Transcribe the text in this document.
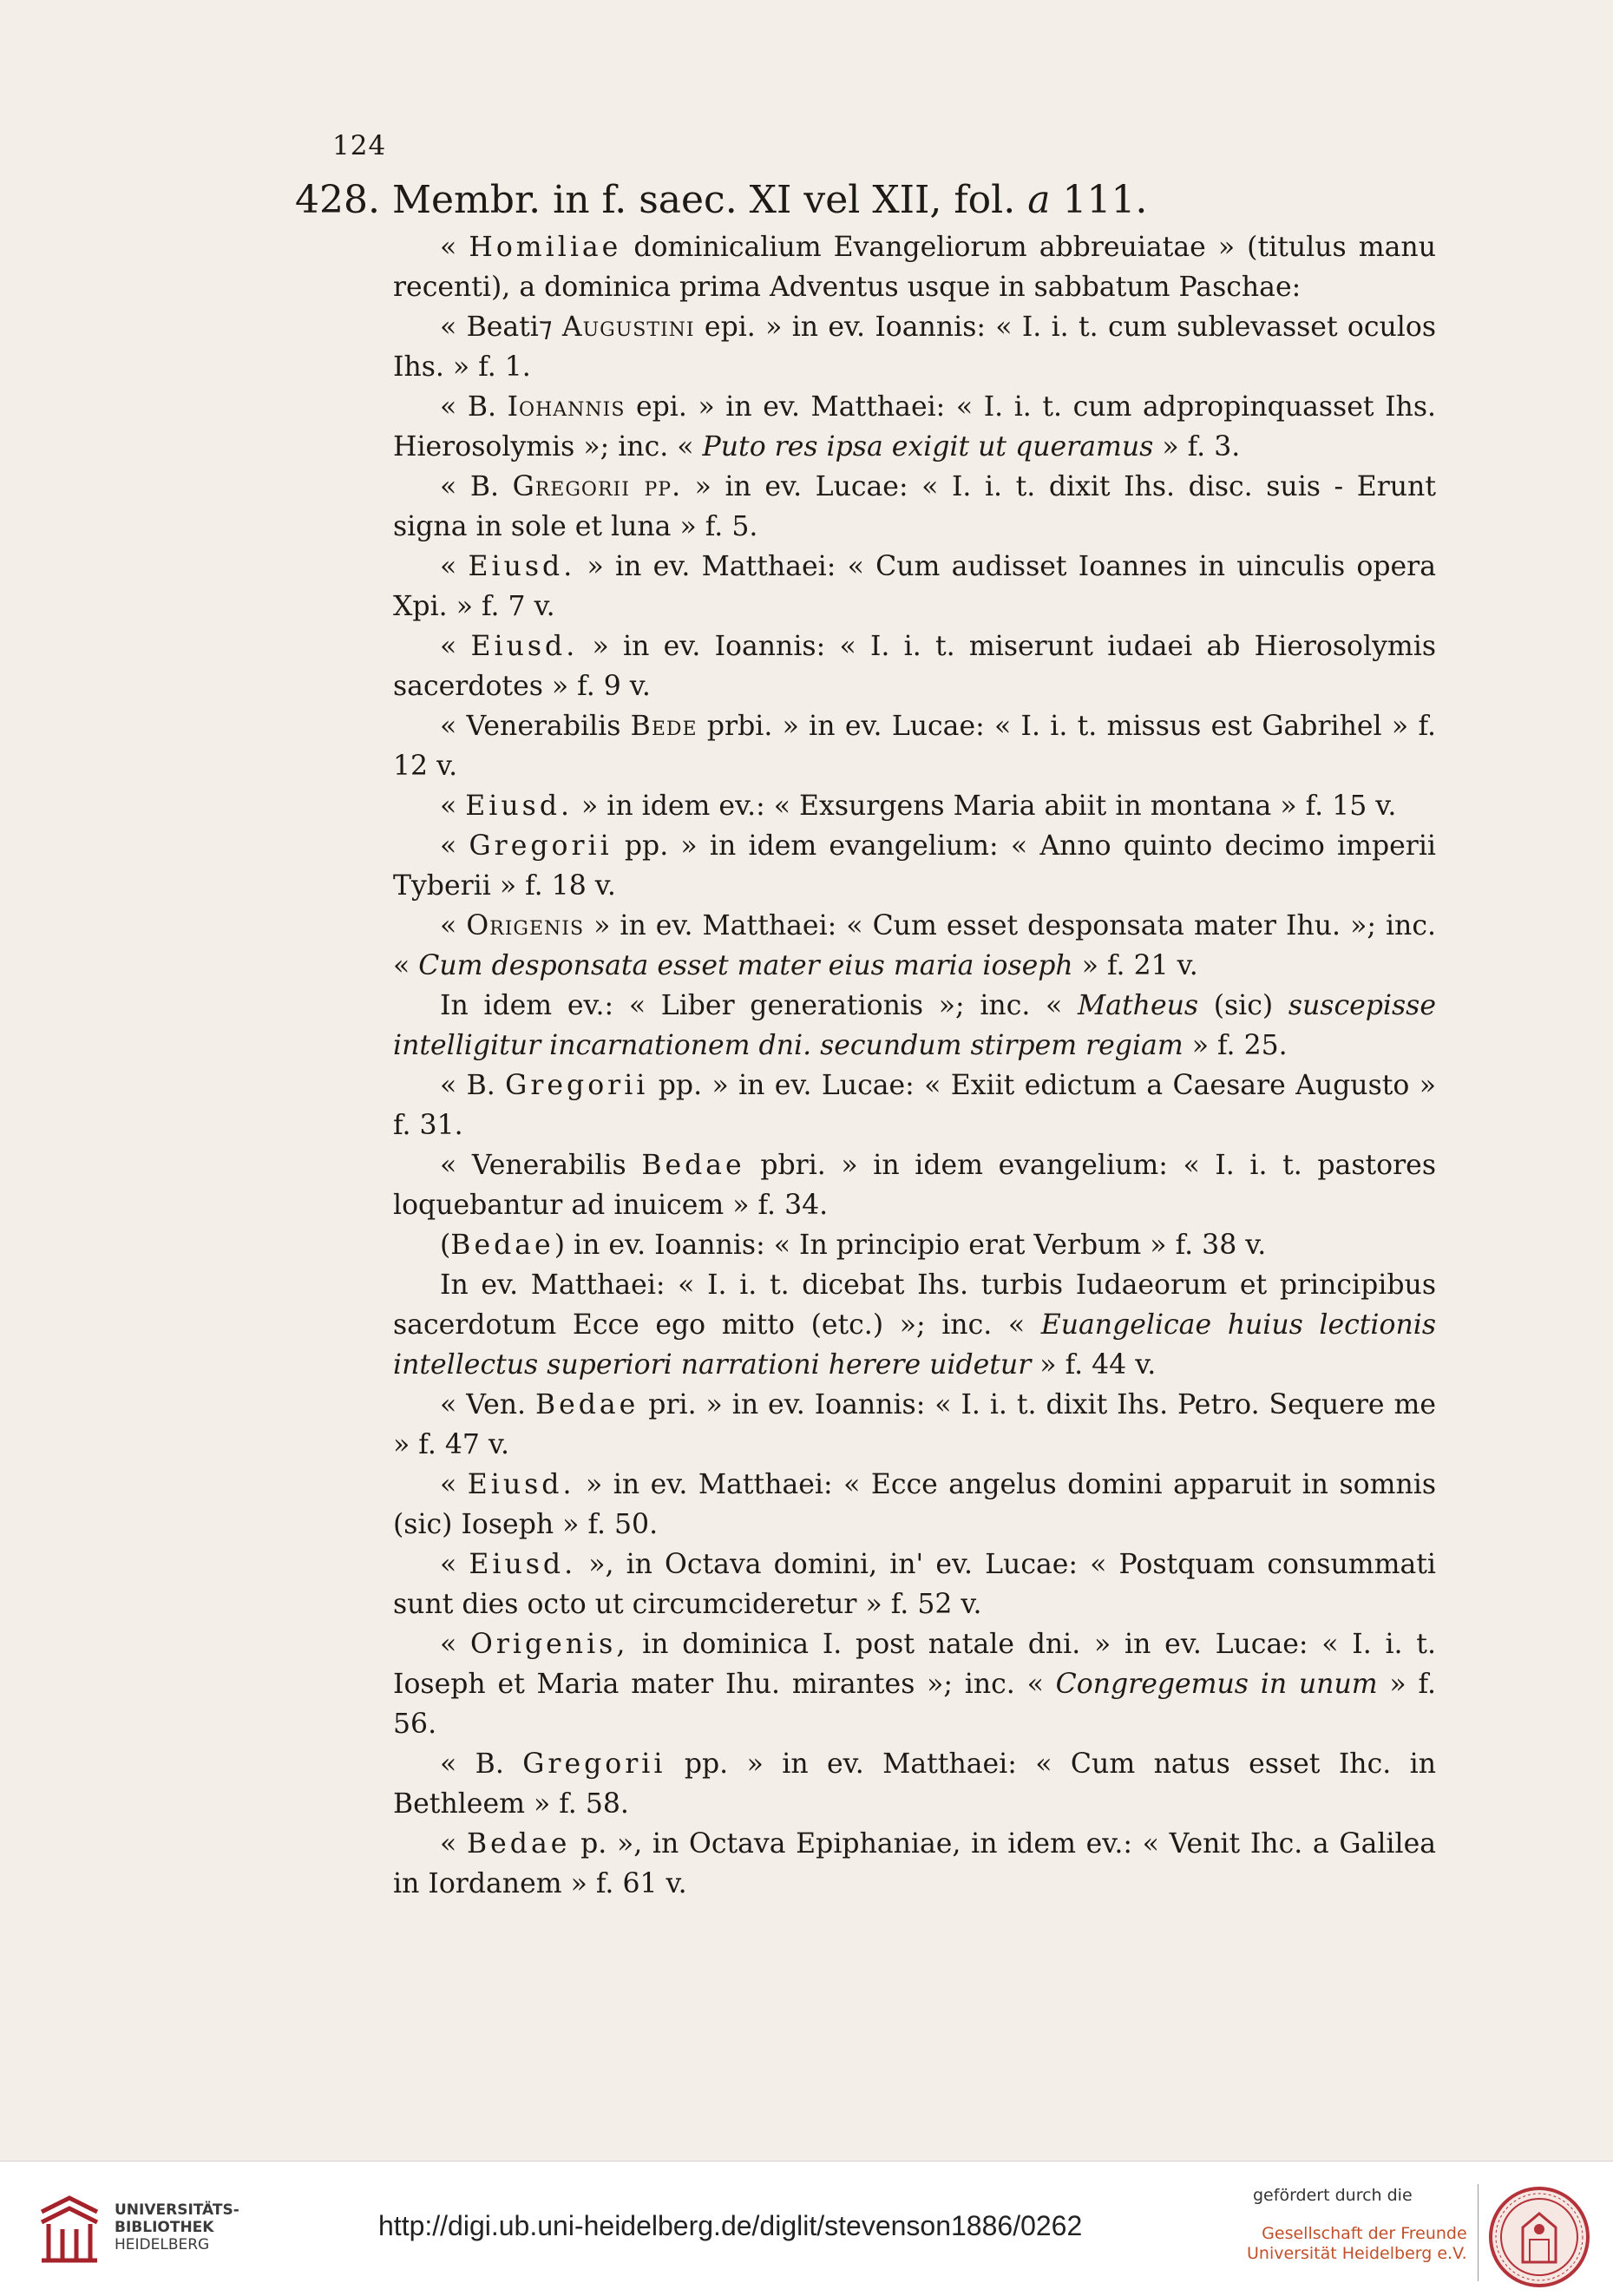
124
428. Membr. in f. saec. XI vel XII, fol. a 111.

« Homiliae dominicalium Evangeliorum abbreuiatae » (titulus manu recenti), a dominica prima Adventus usque in sabbatum Paschae:

« Beati⁊ Augustini epi. » in ev. Ioannis: « I. i. t. cum sublevasset oculos Ihs. » f. 1.

« B. Iohannis epi. » in ev. Matthaei: « I. i. t. cum adpropinquasset Ihs. Hierosolymis »; inc. « Puto res ipsa exigit ut queramus » f. 3.

« B. Gregorii pp. » in ev. Lucae: « I. i. t. dixit Ihs. disc. suis - Erunt signa in sole et luna » f. 5.

« Eiusd. » in ev. Matthaei: « Cum audisset Ioannes in uinculis opera Xpi. » f. 7 v.

« Eiusd. » in ev. Ioannis: « I. i. t. miserunt iudaei ab Hierosolymis sacerdotes » f. 9 v.

« Venerabilis Bede prbi. » in ev. Lucae: « I. i. t. missus est Gabrihel » f. 12 v.

« Eiusd. » in idem ev.: « Exsurgens Maria abiit in montana » f. 15 v.

« Gregorii pp. » in idem evangelium: « Anno quinto decimo imperii Tyberii » f. 18 v.

« Origenis » in ev. Matthaei: « Cum esset desponsata mater Ihu. »; inc. « Cum desponsata esset mater eius maria ioseph » f. 21 v.

In idem ev.: « Liber generationis »; inc. « Matheus (sic) suscepisse intelligitur incarnationem dni. secundum stirpem regiam » f. 25.

« B. Gregorii pp. » in ev. Lucae: « Exiit edictum a Caesare Augusto » f. 31.

« Venerabilis Bedae pbri. » in idem evangelium: « I. i. t. pastores loquebantur ad inuicem » f. 34.

(Bedae) in ev. Ioannis: « In principio erat Verbum » f. 38 v.

In ev. Matthaei: « I. i. t. dicebat Ihs. turbis Iudaeorum et principibus sacerdotum Ecce ego mitto (etc.) »; inc. « Euangelicae huius lectionis intellectus superiori narrationi herere uidetur » f. 44 v.

« Ven. Bedae pri. » in ev. Ioannis: « I. i. t. dixit Ihs. Petro. Sequere me » f. 47 v.

« Eiusd. » in ev. Matthaei: « Ecce angelus domini apparuit in somnis (sic) Ioseph » f. 50.

« Eiusd. », in Octava domini, in' ev. Lucae: « Postquam consummati sunt dies octo ut circumcideretur » f. 52 v.

« Origenis, in dominica I. post natale dni. » in ev. Lucae: « I. i. t. Ioseph et Maria mater Ihu. mirantes »; inc. « Congregemus in unum » f. 56.

« B. Gregorii pp. » in ev. Matthaei: « Cum natus esset Ihc. in Bethleem » f. 58.

« Bedae p. », in Octava Epiphaniae, in idem ev.: « Venit Ihc. a Galilea in Iordanem » f. 61 v.

UNIVERSITÄTS-
BIBLIOTHEK
HEIDELBERG
http://digi.ub.uni-heidelberg.de/diglit/stevenson1886/0262
gefördert durch die
Gesellschaft der Freunde
Universität Heidelberg e.V.
